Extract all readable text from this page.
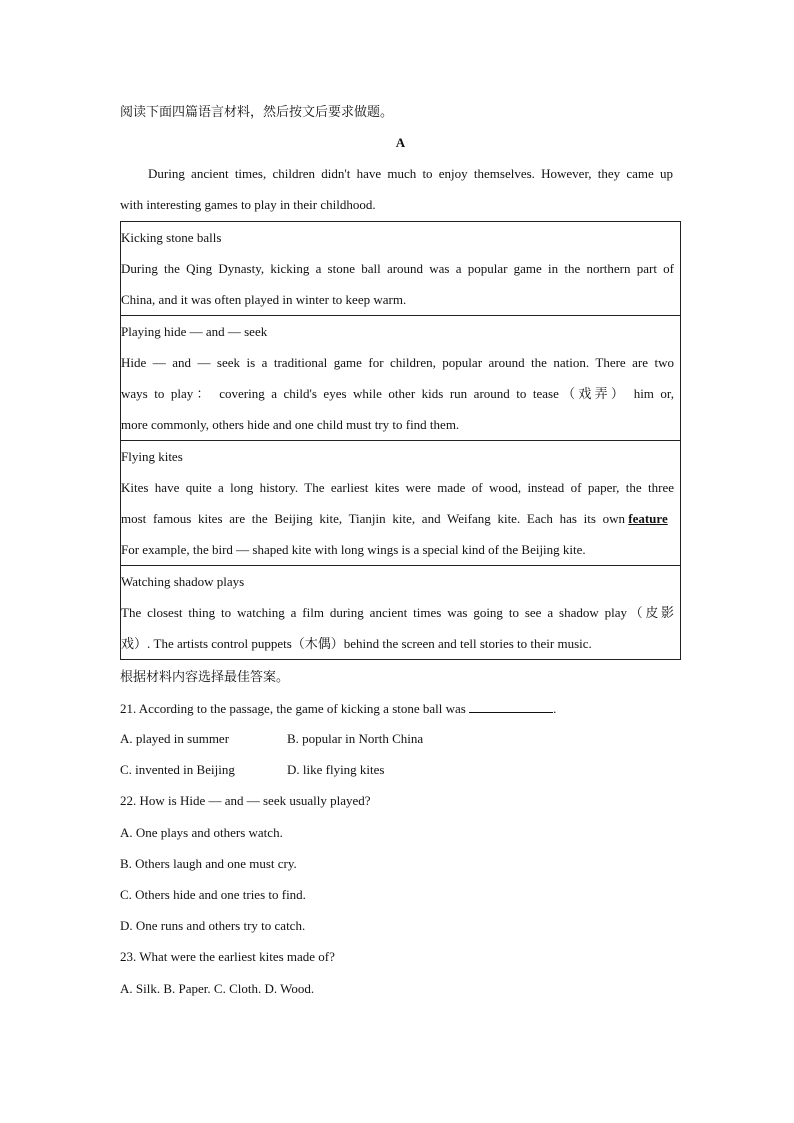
阅读下面四篇语言材料，然后按文后要求做题。
A
During ancient times, children didn't have much to enjoy themselves. However, they came up
with interesting games to play in their childhood.
Kicking stone balls
During the Qing Dynasty, kicking a stone ball around was a popular game in the northern part of
China, and it was often played in winter to keep warm.

Playing hide — and — seek
Hide — and — seek is a traditional game for children, popular around the nation. There are two
ways to play： covering a child's eyes while other kids run around to tease（戏弄） him or,
more commonly, others hide and one child must try to find them.

Flying kites
Kites have quite a long history. The earliest kites were made of wood, instead of paper, the three
most famous kites are the Beijing kite, Tianjin kite, and Weifang kite. Each has its own feature
For example, the bird — shaped kite with long wings is a special kind of the Beijing kite.

Watching shadow plays
The closest thing to watching a film during ancient times was going to see a shadow play（皮影
戏）. The artists control puppets（木偶）behind the screen and tell stories to their music.
根据材料内容选择最佳答案。
21. According to the passage, the game of kicking a stone ball was	.
A. played in summer	B. popular in North China
C. invented in Beijing	D. like flying kites
22. How is Hide — and — seek usually played?
A. One plays and others watch.
B. Others laugh and one must cry.
C. Others hide and one tries to find.
D. One runs and others try to catch.
23. What were the earliest kites made of?
A. Silk. B. Paper. C. Cloth. D. Wood.
